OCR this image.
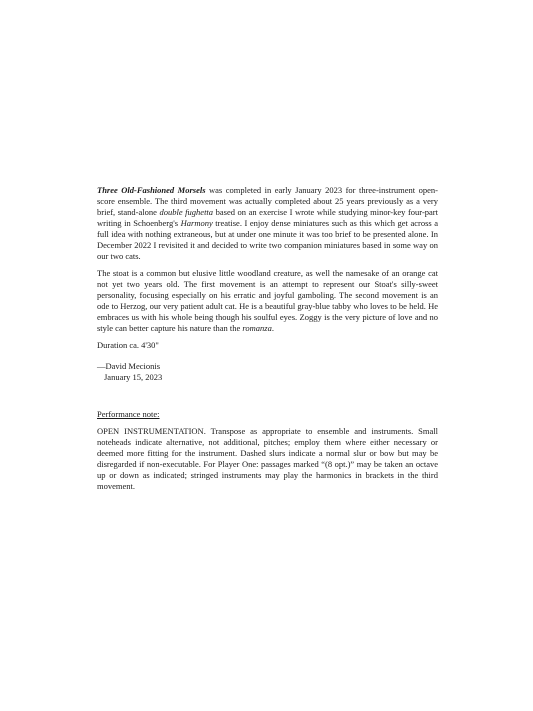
Three Old-Fashioned Morsels was completed in early January 2023 for three-instrument open-score ensemble. The third movement was actually completed about 25 years previously as a very brief, stand-alone double fughetta based on an exercise I wrote while studying minor-key four-part writing in Schoenberg's Harmony treatise. I enjoy dense miniatures such as this which get across a full idea with nothing extraneous, but at under one minute it was too brief to be presented alone. In December 2022 I revisited it and decided to write two companion miniatures based in some way on our two cats.

The stoat is a common but elusive little woodland creature, as well the namesake of an orange cat not yet two years old. The first movement is an attempt to represent our Stoat's silly-sweet personality, focusing especially on his erratic and joyful gamboling. The second movement is an ode to Herzog, our very patient adult cat. He is a beautiful gray-blue tabby who loves to be held. He embraces us with his whole being though his soulful eyes. Zoggy is the very picture of love and no style can better capture his nature than the romanza.

Duration ca. 4'30"

—David Mecionis

January 15, 2023

Performance note:

OPEN INSTRUMENTATION. Transpose as appropriate to ensemble and instruments. Small noteheads indicate alternative, not additional, pitches; employ them where either necessary or deemed more fitting for the instrument. Dashed slurs indicate a normal slur or bow but may be disregarded if non-executable. For Player One: passages marked “(8 opt.)” may be taken an octave up or down as indicated; stringed instruments may play the harmonics in brackets in the third movement.
